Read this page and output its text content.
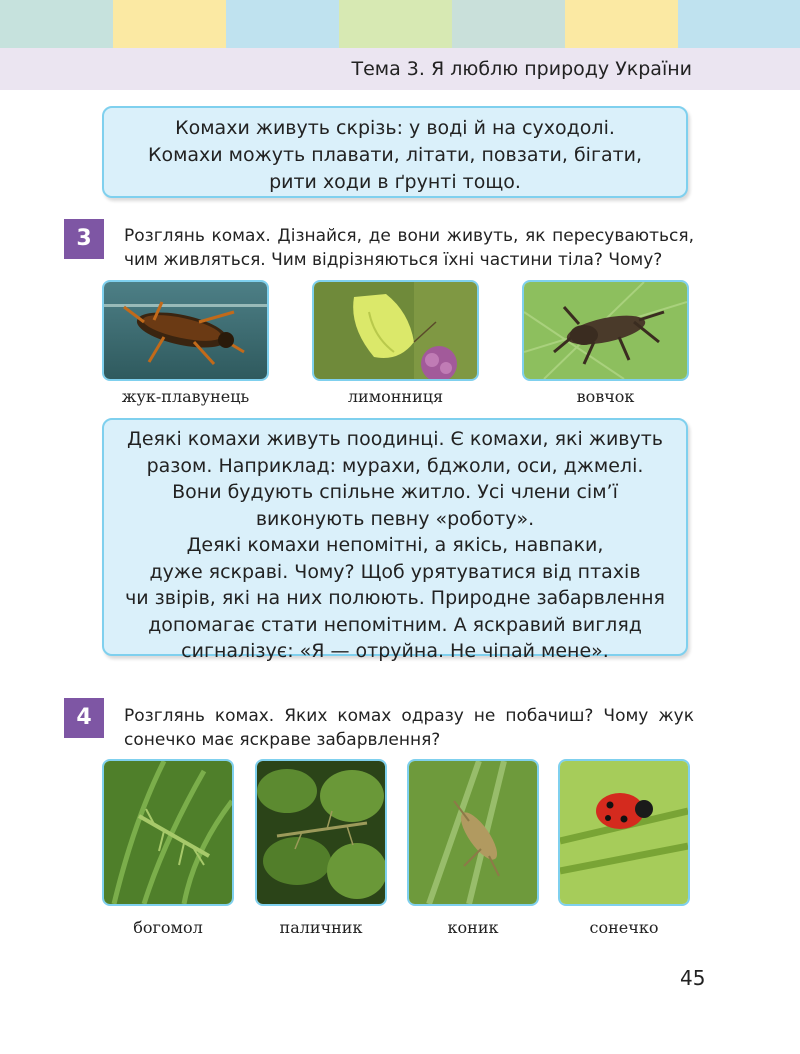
Тема 3. Я люблю природу України

Комахи живуть скрізь: у воді й на суходолі.

Комахи можуть плавати, літати, повзати, бігати,

рити ходи в ґрунті тощо.

3	Розглянь комах. Дізнайся, де вони живуть, як пересуваються, чим живляться. Чим відрізняються їхні частини тіла? Чому?
жук-плавунець	лимонниця	вовчок

Деякі комахи живуть поодинці. Є комахи, які живуть

разом. Наприклад: мурахи, бджоли, оси, джмелі.

Вони будують спільне житло. Усі члени сім’ї

виконують певну «роботу».

Деякі комахи непомітні, а якісь, навпаки,

дуже яскраві. Чому? Щоб урятуватися від птахів

чи звірів, які на них полюють. Природне забарвлення

допомагає стати непомітним. А яскравий вигляд

сигналізує: «Я — отруйна. Не чіпай мене».

4	Розглянь комах. Яких комах одразу не побачиш? Чому жук сонечко має яскраве забарвлення?
богомол	паличник	коник	сонечко
45
